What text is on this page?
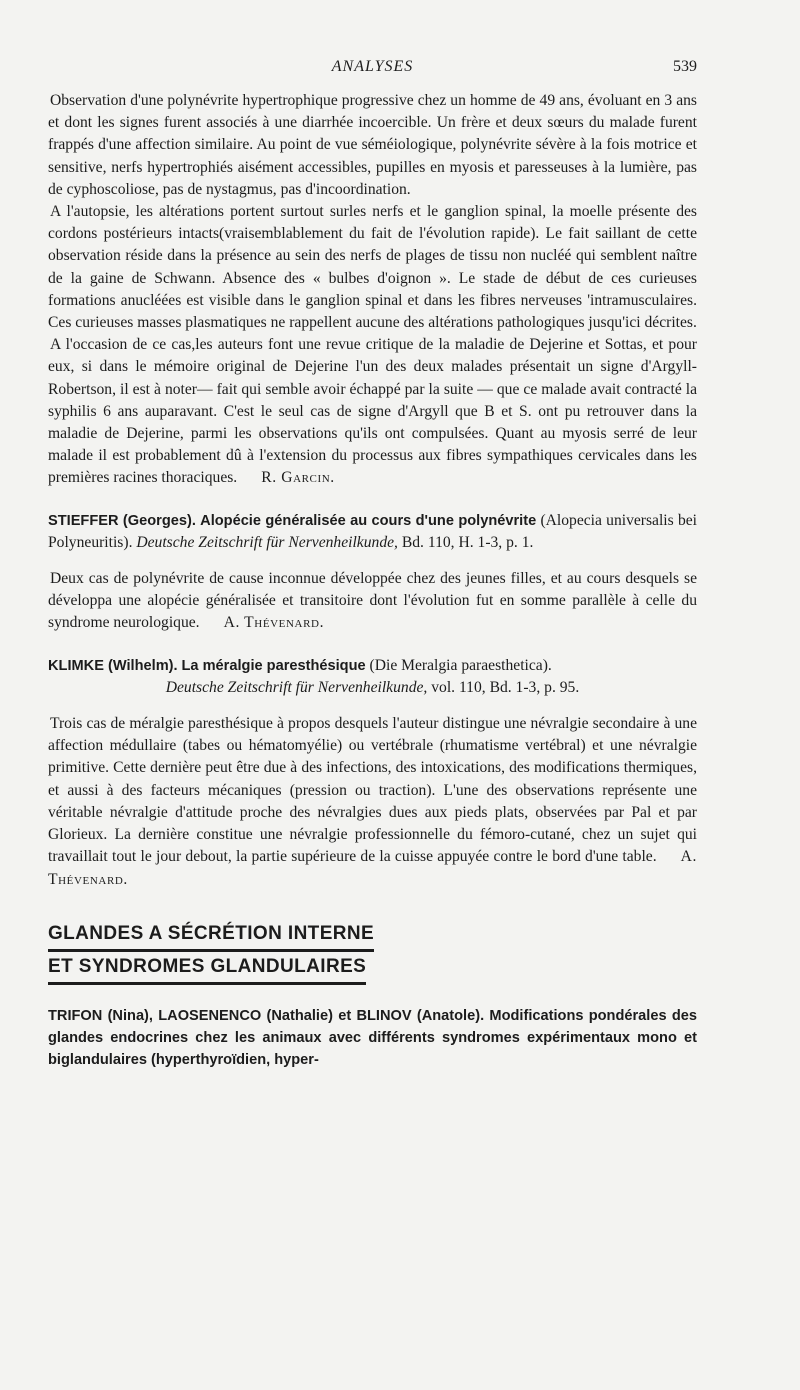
ANALYSES	539

Observation d'une polynévrite hypertrophique progressive chez un homme de 49 ans, évoluant en 3 ans et dont les signes furent associés à une diarrhée incoercible. Un frère et deux sœurs du malade furent frappés d'une affection similaire. Au point de vue séméiologique, polynévrite sévère à la fois motrice et sensitive, nerfs hypertrophiés aisément accessibles, pupilles en myosis et paresseuses à la lumière, pas de cyphoscoliose, pas de nystagmus, pas d'incoordination.

A l'autopsie, les altérations portent surtout surles nerfs et le ganglion spinal, la moelle présente des cordons postérieurs intacts(vraisemblablement du fait de l'évolution rapide). Le fait saillant de cette observation réside dans la présence au sein des nerfs de plages de tissu non nucléé qui semblent naître de la gaine de Schwann. Absence des « bulbes d'oignon ». Le stade de début de ces curieuses formations anucléées est visible dans le ganglion spinal et dans les fibres nerveuses 'intramusculaires. Ces curieuses masses plasmatiques ne rappellent aucune des altérations pathologiques jusqu'ici décrites.

A l'occasion de ce cas,les auteurs font une revue critique de la maladie de Dejerine et Sottas, et pour eux, si dans le mémoire original de Dejerine l'un des deux malades présentait un signe d'Argyll-Robertson, il est à noter— fait qui semble avoir échappé par la suite — que ce malade avait contracté la syphilis 6 ans auparavant. C'est le seul cas de signe d'Argyll que B et S. ont pu retrouver dans la maladie de Dejerine, parmi les observations qu'ils ont compulsées. Quant au myosis serré de leur malade il est probablement dû à l'extension du processus aux fibres sympathiques cervicales dans les premières racines thoraciques. R. Garcin.

STIEFFER (Georges). Alopécie généralisée au cours d'une polynévrite (Alopecia universalis bei Polyneuritis). Deutsche Zeitschrift für Nervenheilkunde, Bd. 110, H. 1-3, p. 1.

Deux cas de polynévrite de cause inconnue développée chez des jeunes filles, et au cours desquels se développa une alopécie généralisée et transitoire dont l'évolution fut en somme parallèle à celle du syndrome neurologique. A. Thévenard.

KLIMKE (Wilhelm). La méralgie paresthésique (Die Meralgia paraesthetica).
Deutsche Zeitschrift für Nervenheilkunde, vol. 110, Bd. 1-3, p. 95.

Trois cas de méralgie paresthésique à propos desquels l'auteur distingue une névralgie secondaire à une affection médullaire (tabes ou hématomyélie) ou vertébrale (rhumatisme vertébral) et une névralgie primitive. Cette dernière peut être due à des infections, des intoxications, des modifications thermiques, et aussi à des facteurs mécaniques (pression ou traction). L'une des observations représente une véritable névralgie d'attitude proche des névralgies dues aux pieds plats, observées par Pal et par Glorieux. La dernière constitue une névralgie professionnelle du fémoro-cutané, chez un sujet qui travaillait tout le jour debout, la partie supérieure de la cuisse appuyée contre le bord d'une table. A. Thévenard.

GLANDES A SÉCRÉTION INTERNE
ET SYNDROMES GLANDULAIRES
TRIFON (Nina), LAOSENENCO (Nathalie) et BLINOV (Anatole). Modifications pondérales des glandes endocrines chez les animaux avec différents syndromes expérimentaux mono et biglandulaires (hyperthyroïdien, hyper-
